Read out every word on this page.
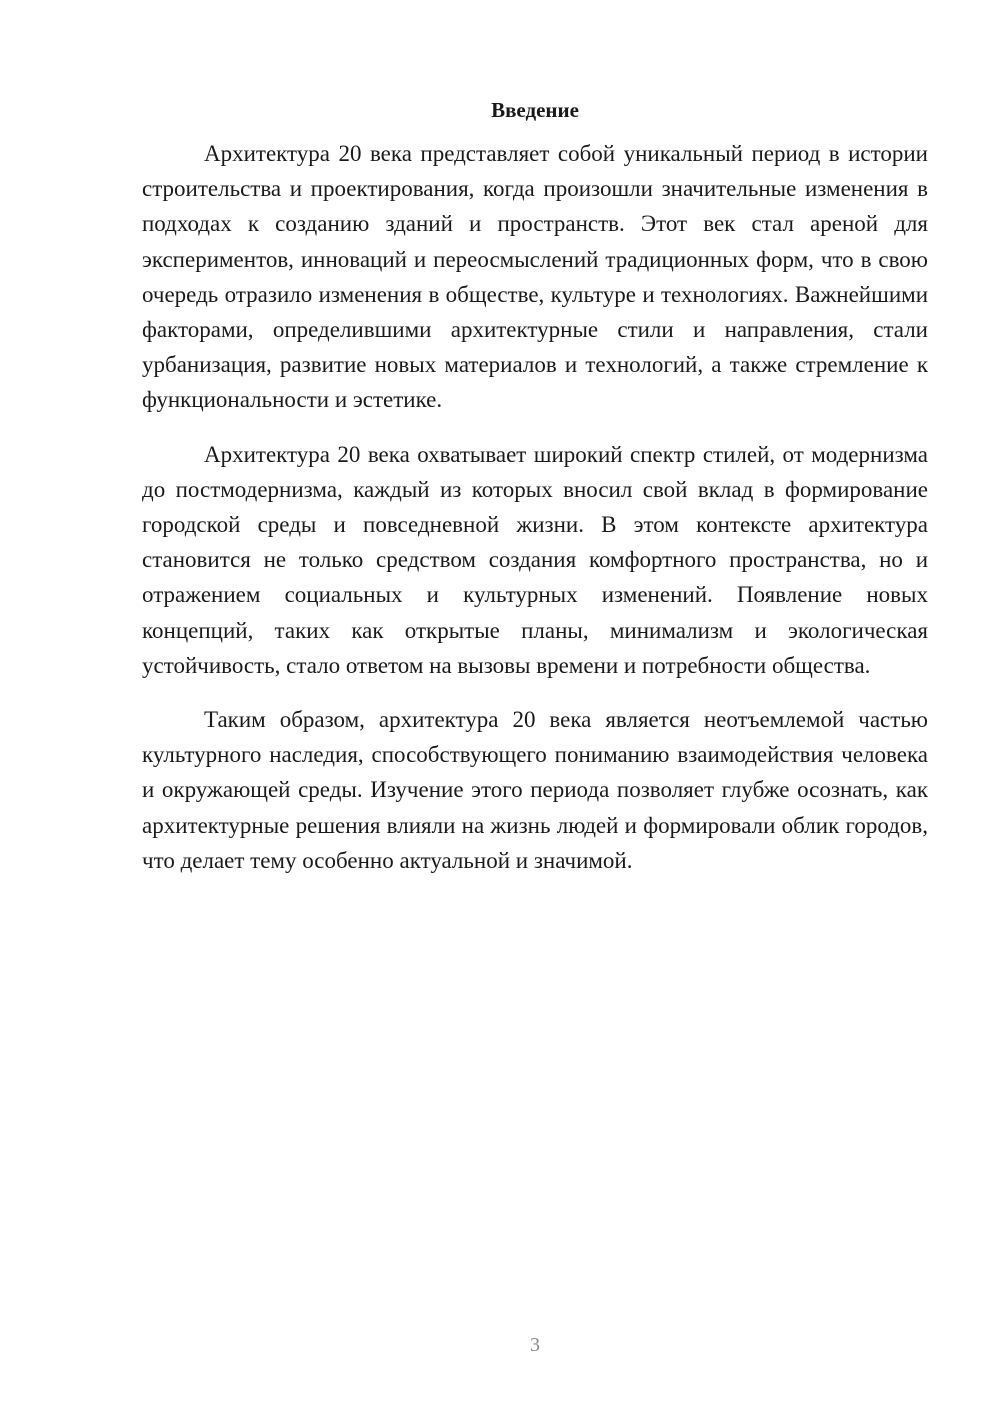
Введение

Архитектура 20 века представляет собой уникальный период в истории строительства и проектирования, когда произошли значительные изменения в подходах к созданию зданий и пространств. Этот век стал ареной для экспериментов, инноваций и переосмыслений традиционных форм, что в свою очередь отразило изменения в обществе, культуре и технологиях. Важнейшими факторами, определившими архитектурные стили и направления, стали урбанизация, развитие новых материалов и технологий, а также стремление к функциональности и эстетике.

Архитектура 20 века охватывает широкий спектр стилей, от модернизма до постмодернизма, каждый из которых вносил свой вклад в формирование городской среды и повседневной жизни. В этом контексте архитектура становится не только средством создания комфортного пространства, но и отражением социальных и культурных изменений. Появление новых концепций, таких как открытые планы, минимализм и экологическая устойчивость, стало ответом на вызовы времени и потребности общества.

Таким образом, архитектура 20 века является неотъемлемой частью культурного наследия, способствующего пониманию взаимодействия человека и окружающей среды. Изучение этого периода позволяет глубже осознать, как архитектурные решения влияли на жизнь людей и формировали облик городов, что делает тему особенно актуальной и значимой.

3
